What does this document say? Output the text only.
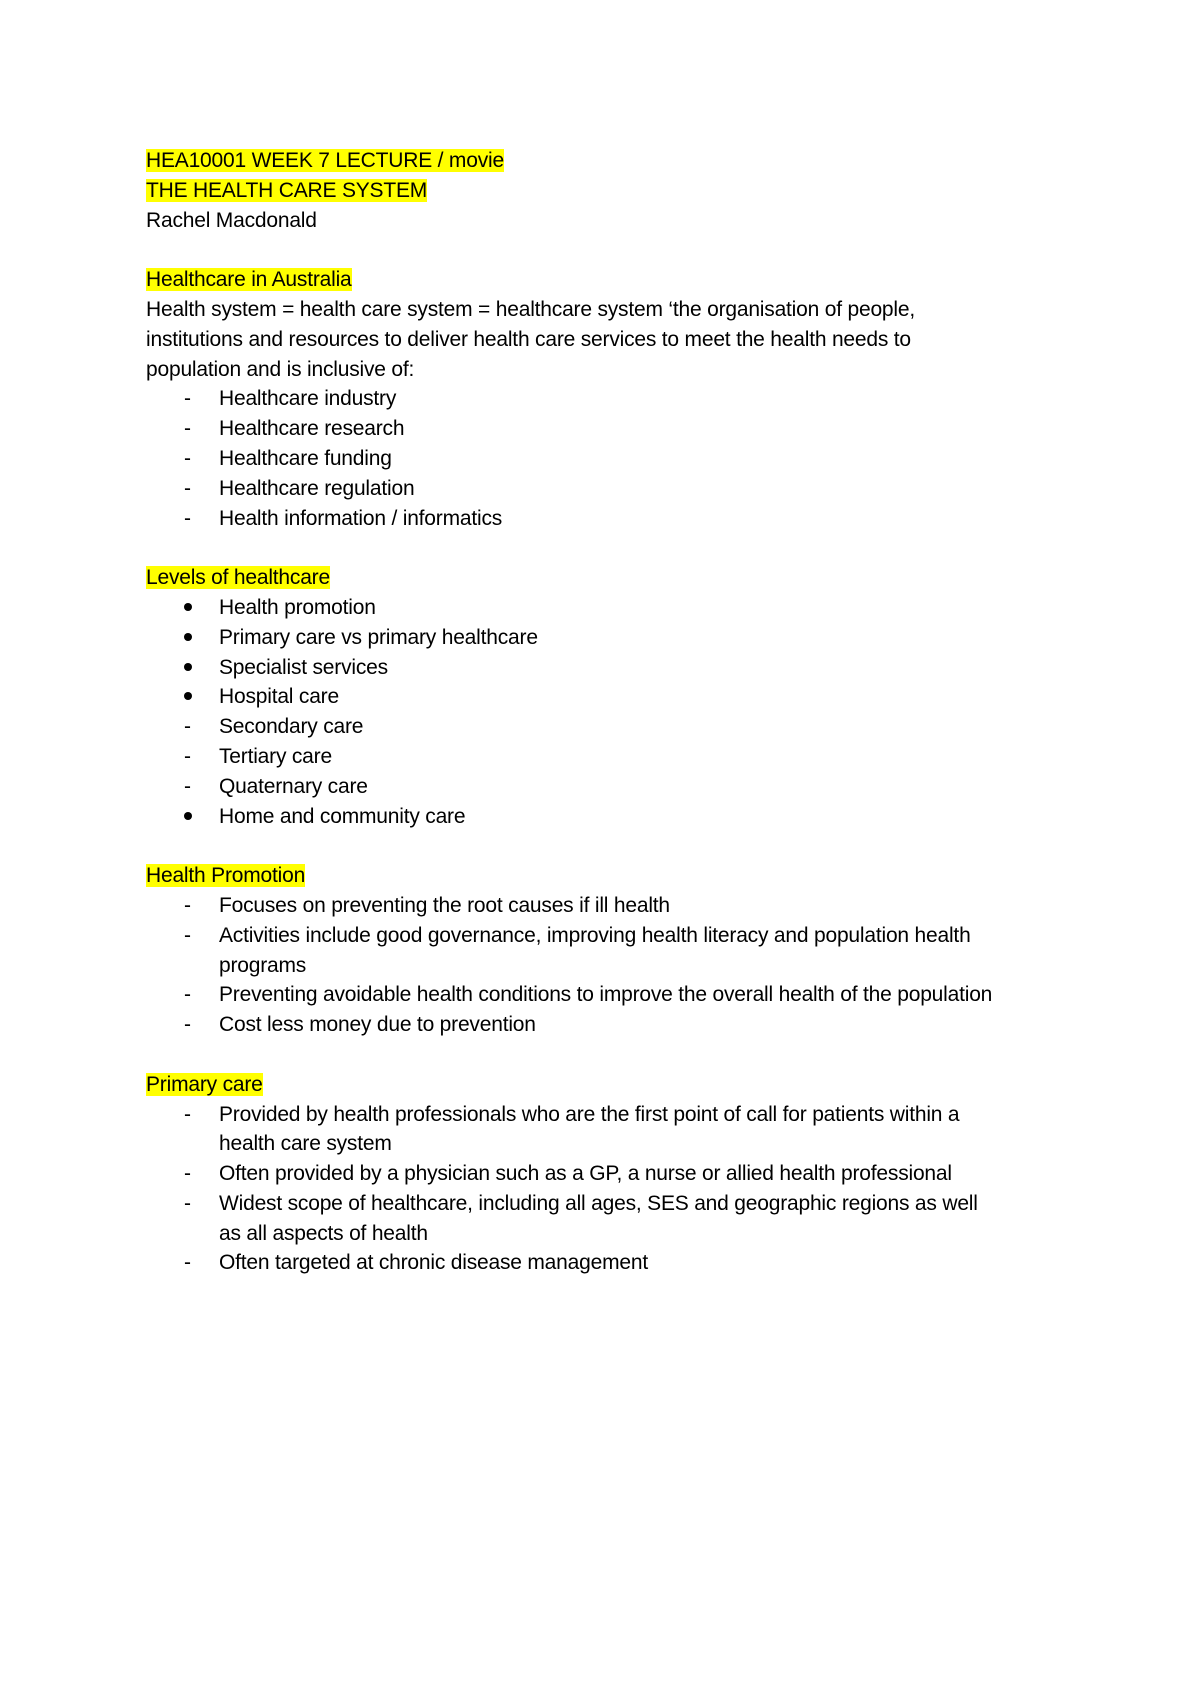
HEA10001 WEEK 7 LECTURE / movie
THE HEALTH CARE SYSTEM
Rachel Macdonald
Healthcare in Australia

Health system = health care system = healthcare system ‘the organisation of people, institutions and resources to deliver health care services to meet the health needs to population and is inclusive of:

-	Healthcare industry
-	Healthcare research
-	Healthcare funding
-	Healthcare regulation
-	Health information / informatics
Levels of healthcare
Health promotion
Primary care vs primary healthcare
Specialist services
Hospital care
-	Secondary care
-	Tertiary care
-	Quaternary care
Home and community care
Health Promotion
-	Focuses on preventing the root causes if ill health
-	Activities include good governance, improving health literacy and population health programs
-	Preventing avoidable health conditions to improve the overall health of the population
-	Cost less money due to prevention
Primary care
-	Provided by health professionals who are the first point of call for patients within a health care system
-	Often provided by a physician such as a GP, a nurse or allied health professional
-	Widest scope of healthcare, including all ages, SES and geographic regions as well as all aspects of health
-	Often targeted at chronic disease management
